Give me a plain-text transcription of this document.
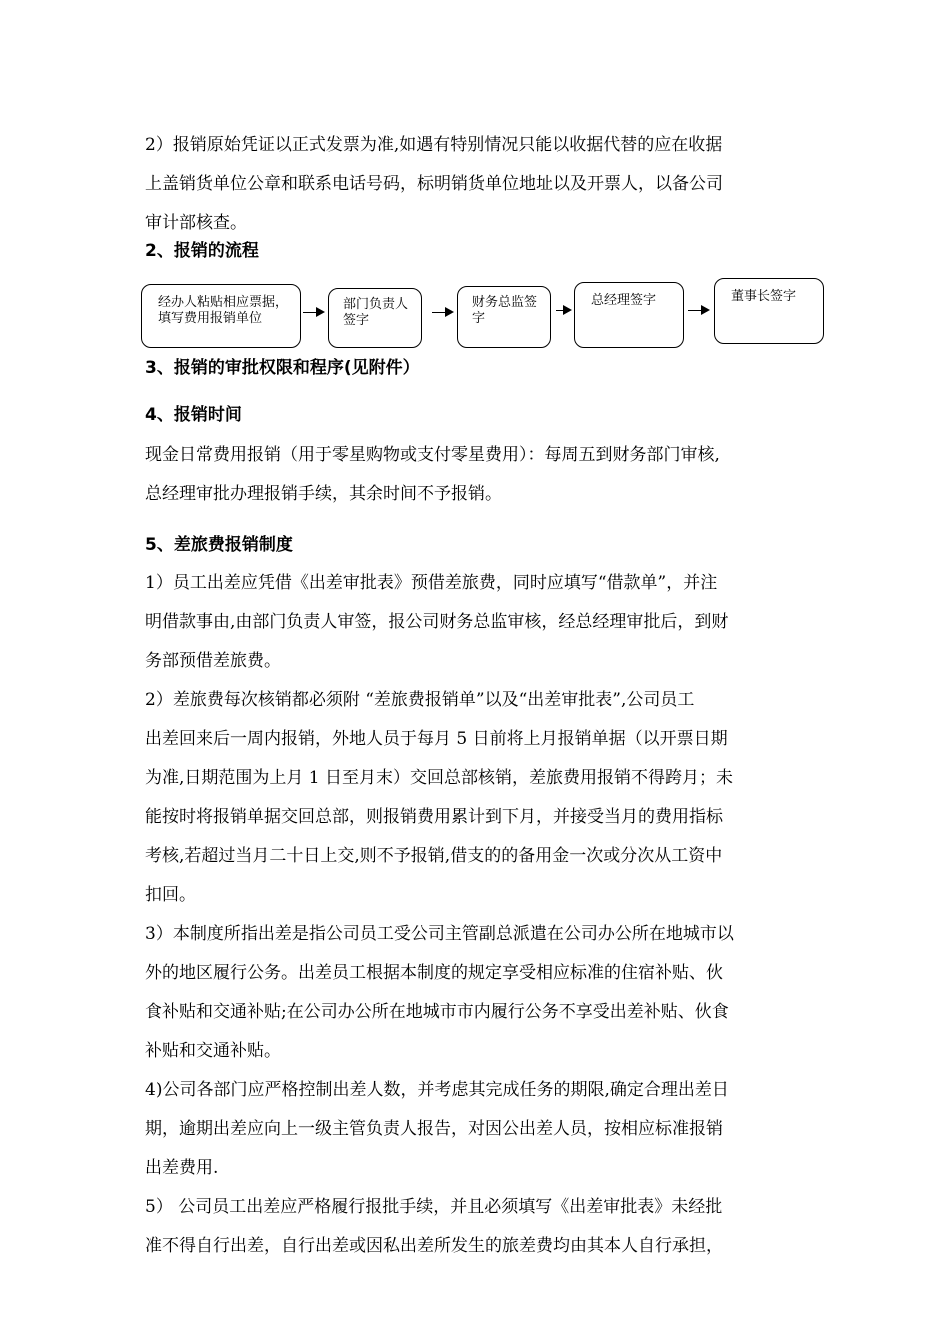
2）报销原始凭证以正式发票为准,如遇有特别情况只能以收据代替的应在收据
上盖销货单位公章和联系电话号码，标明销货单位地址以及开票人，以备公司
审计部核查。
2、报销的流程
经办人粘贴相应票据，填写费用报销单位
部门负责人签字
财务总监签字
总经理签字	董事长签字
3、报销的审批权限和程序(见附件）
4、报销时间
现金日常费用报销（用于零星购物或支付零星费用）：每周五到财务部门审核,
总经理审批办理报销手续，其余时间不予报销。
5、差旅费报销制度
1）员工出差应凭借《出差审批表》预借差旅费，同时应填写“借款单”，并注
明借款事由,由部门负责人审签，报公司财务总监审核，经总经理审批后，到财
务部预借差旅费。
2）差旅费每次核销都必须附 “差旅费报销单”以及“出差审批表”,公司员工
出差回来后一周内报销，外地人员于每月 5 日前将上月报销单据（以开票日期
为准,日期范围为上月 1 日至月末）交回总部核销，差旅费用报销不得跨月；未
能按时将报销单据交回总部，则报销费用累计到下月，并接受当月的费用指标
考核,若超过当月二十日上交,则不予报销,借支的的备用金一次或分次从工资中
扣回。
3）本制度所指出差是指公司员工受公司主管副总派遣在公司办公所在地城市以
外的地区履行公务。出差员工根据本制度的规定享受相应标准的住宿补贴、伙
食补贴和交通补贴;在公司办公所在地城市市内履行公务不享受出差补贴、伙食
补贴和交通补贴。
4)公司各部门应严格控制出差人数，并考虑其完成任务的期限,确定合理出差日
期，逾期出差应向上一级主管负责人报告，对因公出差人员，按相应标准报销
出差费用.
5） 公司员工出差应严格履行报批手续，并且必须填写《出差审批表》未经批
准不得自行出差，自行出差或因私出差所发生的旅差费均由其本人自行承担，
